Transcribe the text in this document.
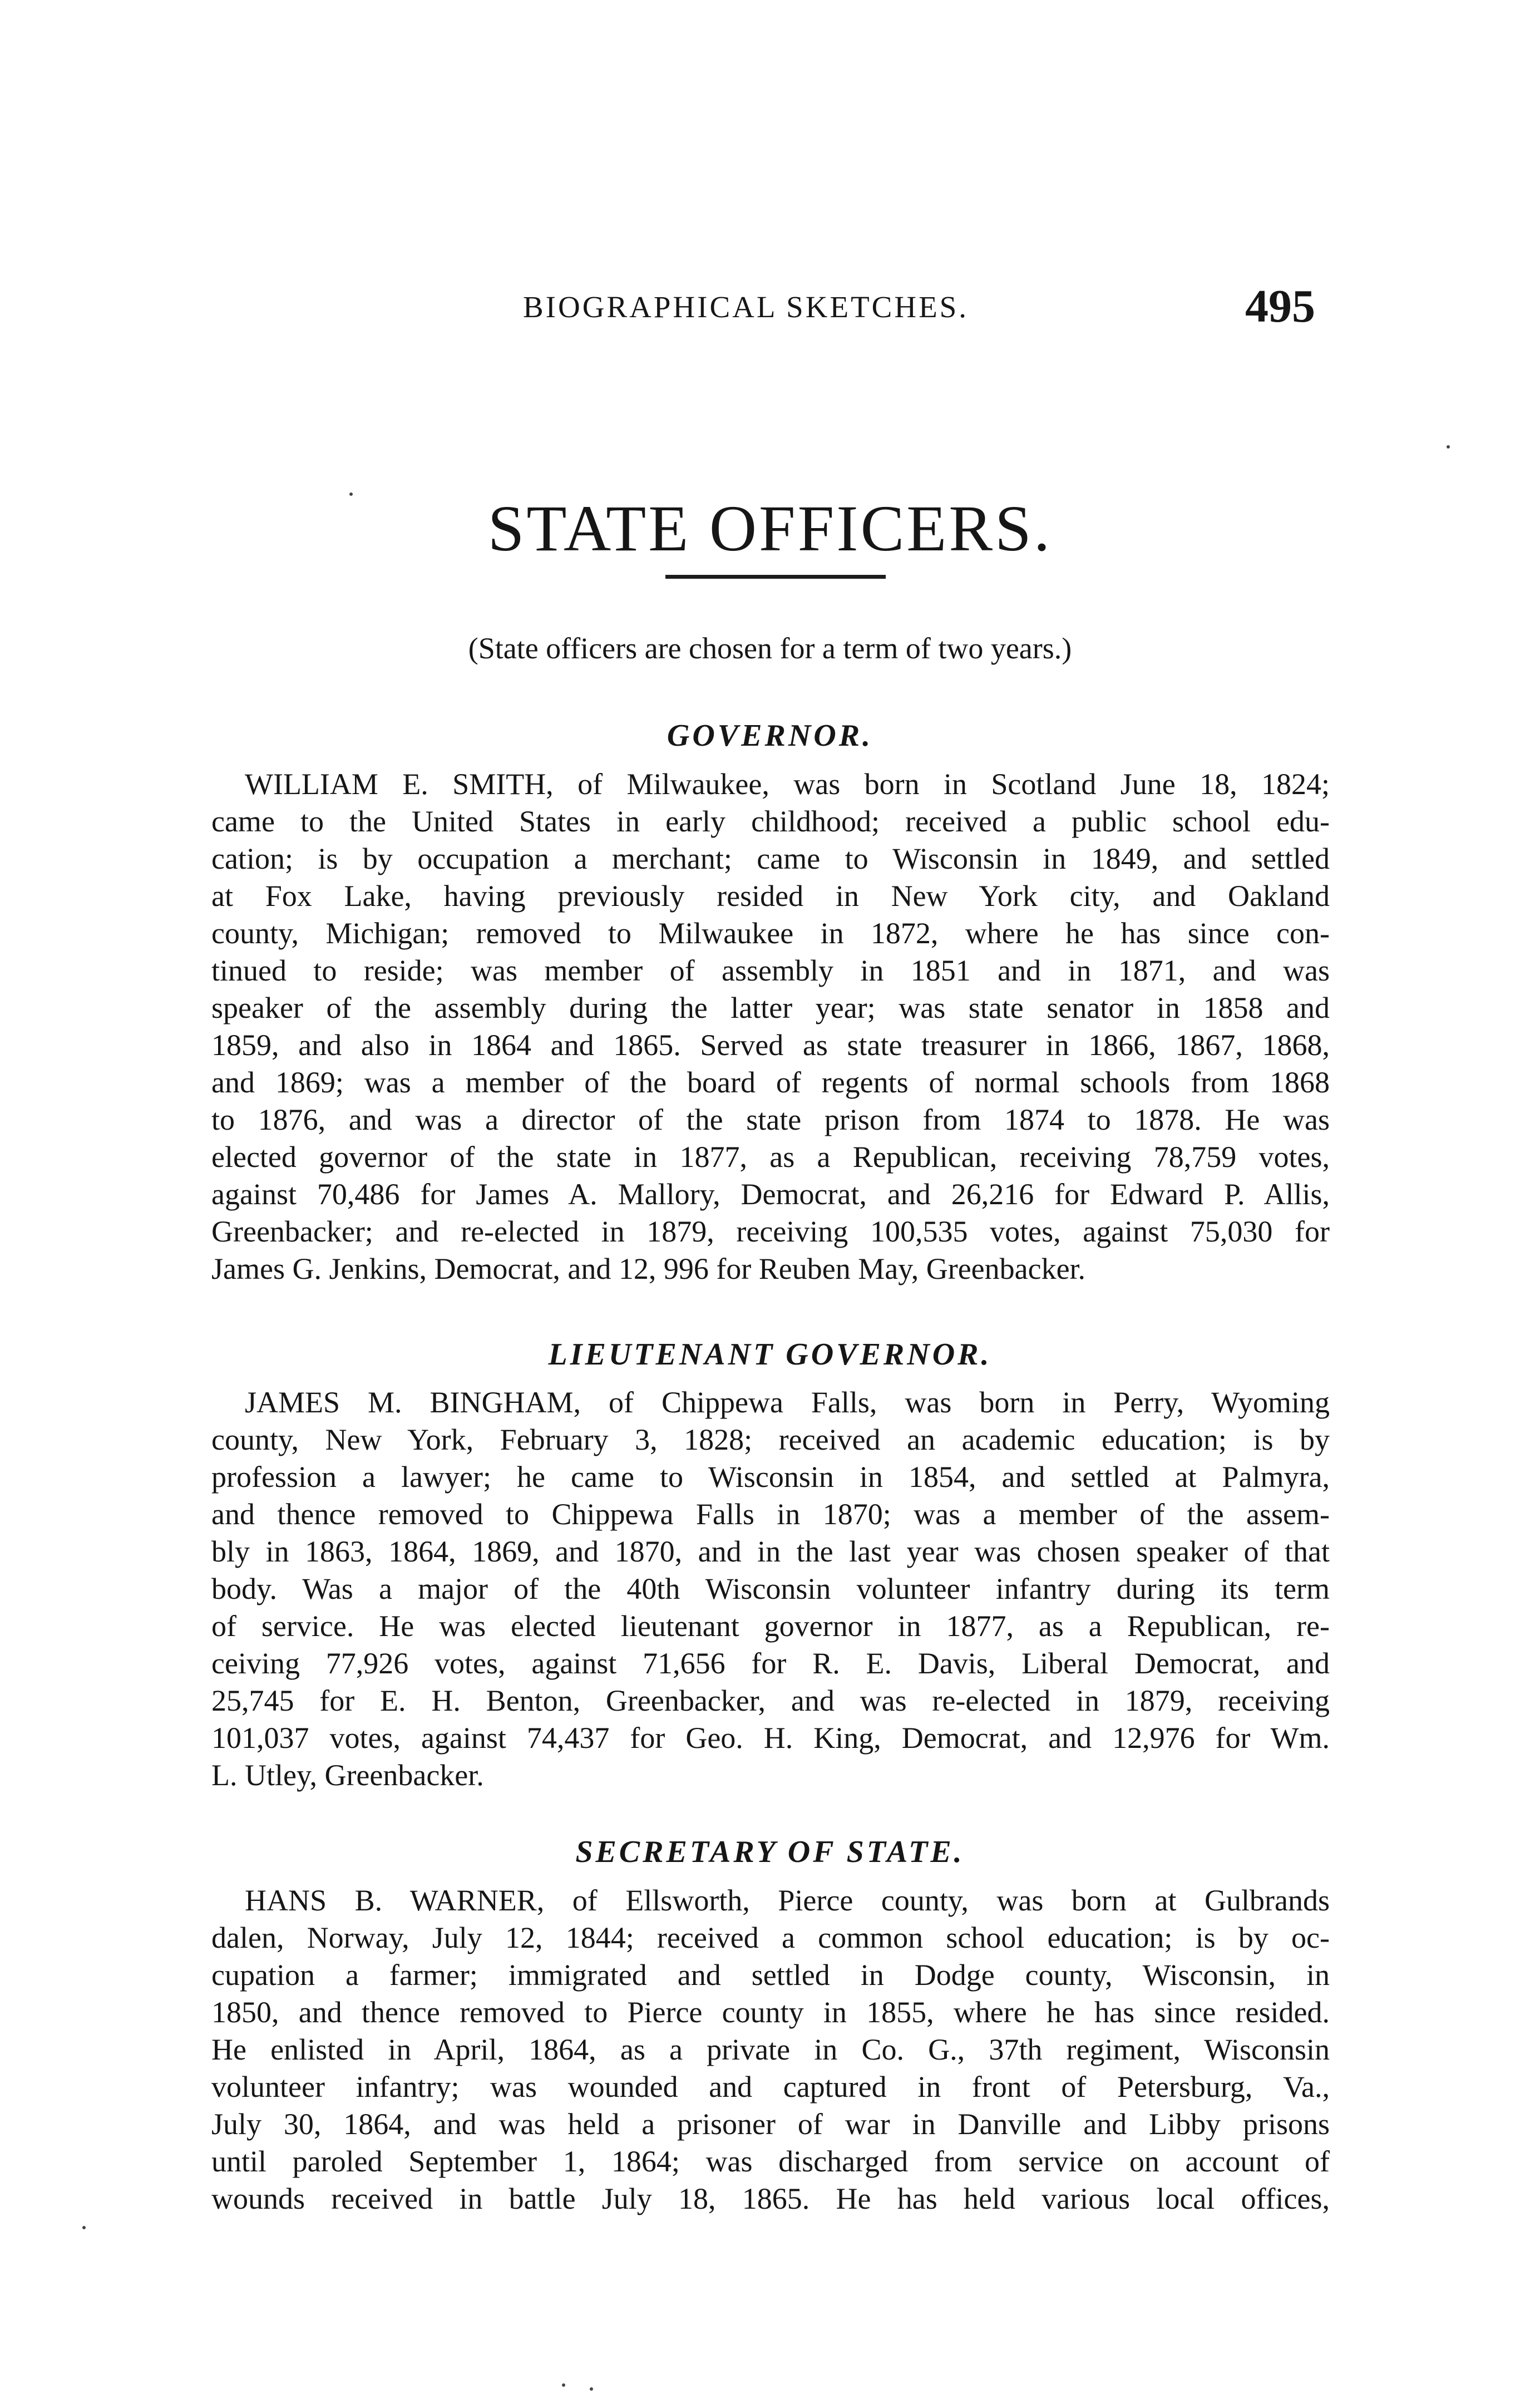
BIOGRAPHICAL SKETCHES.	495
STATE OFFICERS.
(State officers are chosen for a term of two years.)
GOVERNOR.
WILLIAM E. SMITH, of Milwaukee, was born in Scotland June 18, 1824;
came to the United States in early childhood; received a public school edu-
cation; is by occupation a merchant; came to Wisconsin in 1849, and settled
at Fox Lake, having previously resided in New York city, and Oakland
county, Michigan; removed to Milwaukee in 1872, where he has since con-
tinued to reside; was member of assembly in 1851 and in 1871, and was
speaker of the assembly during the latter year; was state senator in 1858 and
1859, and also in 1864 and 1865. Served as state treasurer in 1866, 1867, 1868,
and 1869; was a member of the board of regents of normal schools from 1868
to 1876, and was a director of the state prison from 1874 to 1878. He was
elected governor of the state in 1877, as a Republican, receiving 78,759 votes,
against 70,486 for James A. Mallory, Democrat, and 26,216 for Edward P. Allis,
Greenbacker; and re-elected in 1879, receiving 100,535 votes, against 75,030 for
James G. Jenkins, Democrat, and 12, 996 for Reuben May, Greenbacker.
LIEUTENANT GOVERNOR.
JAMES M. BINGHAM, of Chippewa Falls, was born in Perry, Wyoming
county, New York, February 3, 1828; received an academic education; is by
profession a lawyer; he came to Wisconsin in 1854, and settled at Palmyra,
and thence removed to Chippewa Falls in 1870; was a member of the assem-
bly in 1863, 1864, 1869, and 1870, and in the last year was chosen speaker of that
body. Was a major of the 40th Wisconsin volunteer infantry during its term
of service. He was elected lieutenant governor in 1877, as a Republican, re-
ceiving 77,926 votes, against 71,656 for R. E. Davis, Liberal Democrat, and
25,745 for E. H. Benton, Greenbacker, and was re-elected in 1879, receiving
101,037 votes, against 74,437 for Geo. H. King, Democrat, and 12,976 for Wm.
L. Utley, Greenbacker.
SECRETARY OF STATE.
HANS B. WARNER, of Ellsworth, Pierce county, was born at Gulbrands
dalen, Norway, July 12, 1844; received a common school education; is by oc-
cupation a farmer; immigrated and settled in Dodge county, Wisconsin, in
1850, and thence removed to Pierce county in 1855, where he has since resided.
He enlisted in April, 1864, as a private in Co. G., 37th regiment, Wisconsin
volunteer infantry; was wounded and captured in front of Petersburg, Va.,
July 30, 1864, and was held a prisoner of war in Danville and Libby prisons
until paroled September 1, 1864; was discharged from service on account of
wounds received in battle July 18, 1865. He has held various local offices,
